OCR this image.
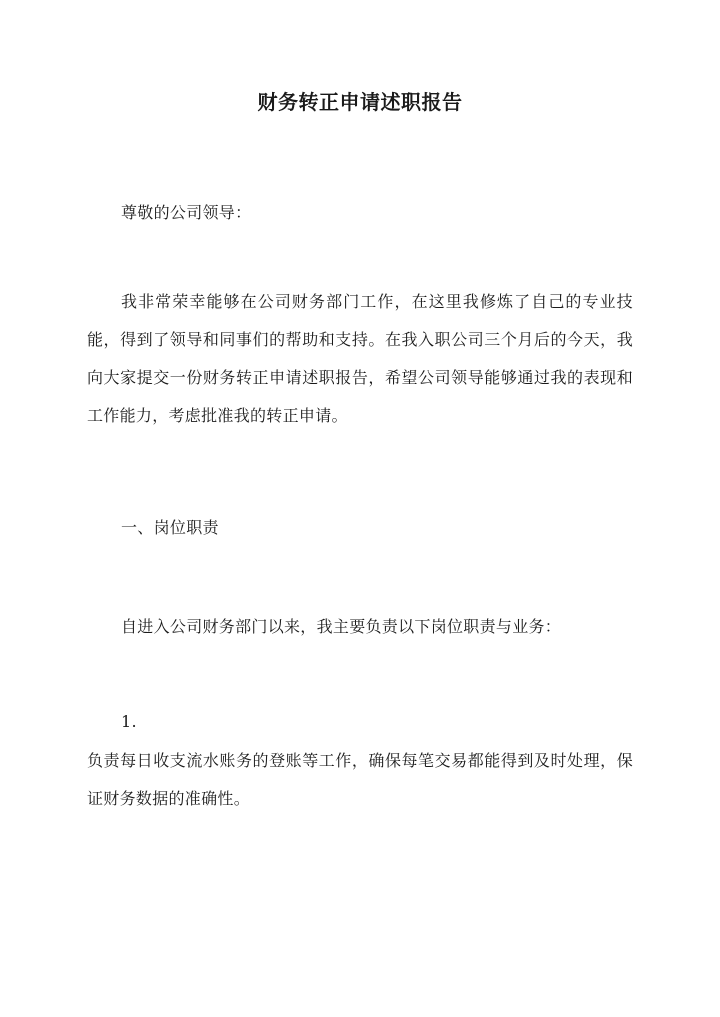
财务转正申请述职报告
尊敬的公司领导：
我非常荣幸能够在公司财务部门工作，在这里我修炼了自己的专业技能，得到了领导和同事们的帮助和支持。在我入职公司三个月后的今天，我向大家提交一份财务转正申请述职报告，希望公司领导能够通过我的表现和工作能力，考虑批准我的转正申请。
一、岗位职责
自进入公司财务部门以来，我主要负责以下岗位职责与业务：
1.
负责每日收支流水账务的登账等工作，确保每笔交易都能得到及时处理，保证财务数据的准确性。
